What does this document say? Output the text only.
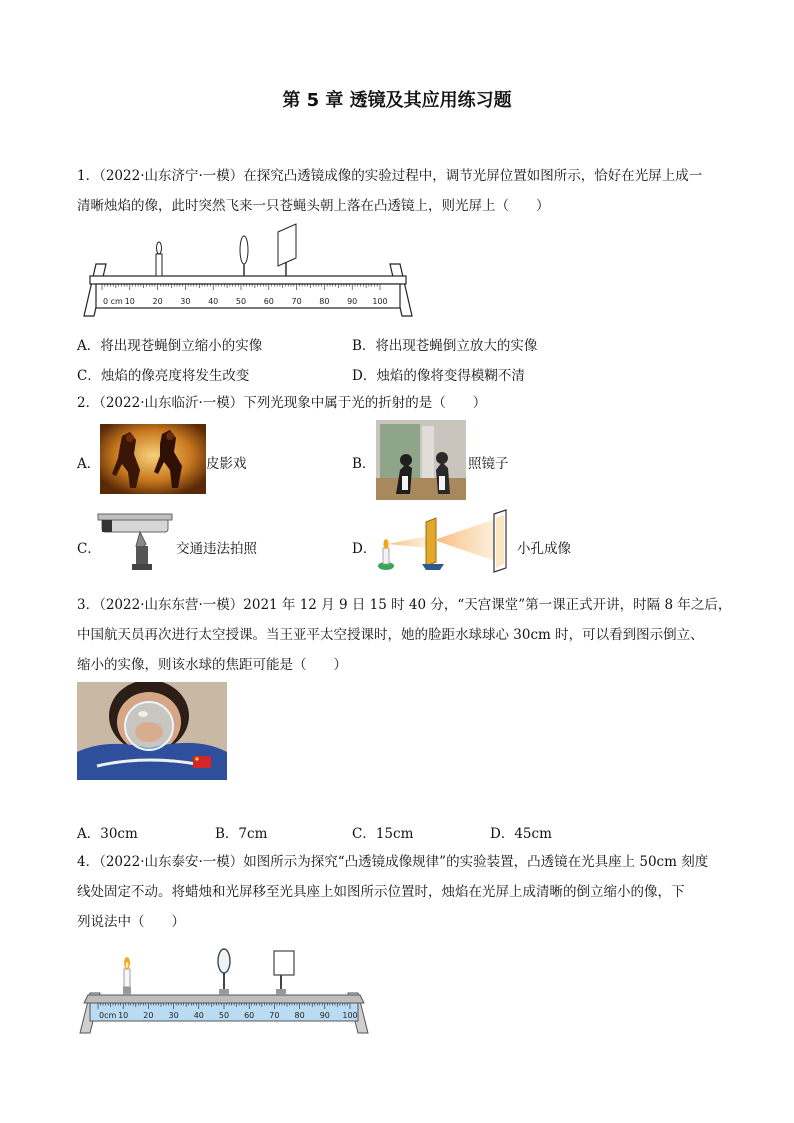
第 5 章 透镜及其应用练习题
1．（2022·山东济宁·一模）在探究凸透镜成像的实验过程中，调节光屏位置如图所示，恰好在光屏上成一
清晰烛焰的像，此时突然飞来一只苍蝇头朝上落在凸透镜上，则光屏上（　　）
0 cm 10 20 30 40 50 60 70 80 90 100
A．将出现苍蝇倒立缩小的实像	B．将出现苍蝇倒立放大的实像
C．烛焰的像亮度将发生改变	D．烛焰的像将变得模糊不清
2．（2022·山东临沂·一模）下列光现象中属于光的折射的是（　　）
A．	皮影戏	B．	照镜子
C．	交通违法拍照	D．	小孔成像
3．（2022·山东东营·一模）2021 年 12 月 9 日 15 时 40 分，“天宫课堂”第一课正式开讲，时隔 8 年之后，
中国航天员再次进行太空授课。当王亚平太空授课时，她的脸距水球球心 30cm 时，可以看到图示倒立、
缩小的实像，则该水球的焦距可能是（　　）
A．30cm	B．7cm	C．15cm	D．45cm
4．（2022·山东泰安·一模）如图所示为探究“凸透镜成像规律”的实验装置，凸透镜在光具座上 50cm 刻度
线处固定不动。将蜡烛和光屏移至光具座上如图所示位置时，烛焰在光屏上成清晰的倒立缩小的像，下
列说法中（　　）
0cm 10 20 30 40 50 60 70 80 90 100
